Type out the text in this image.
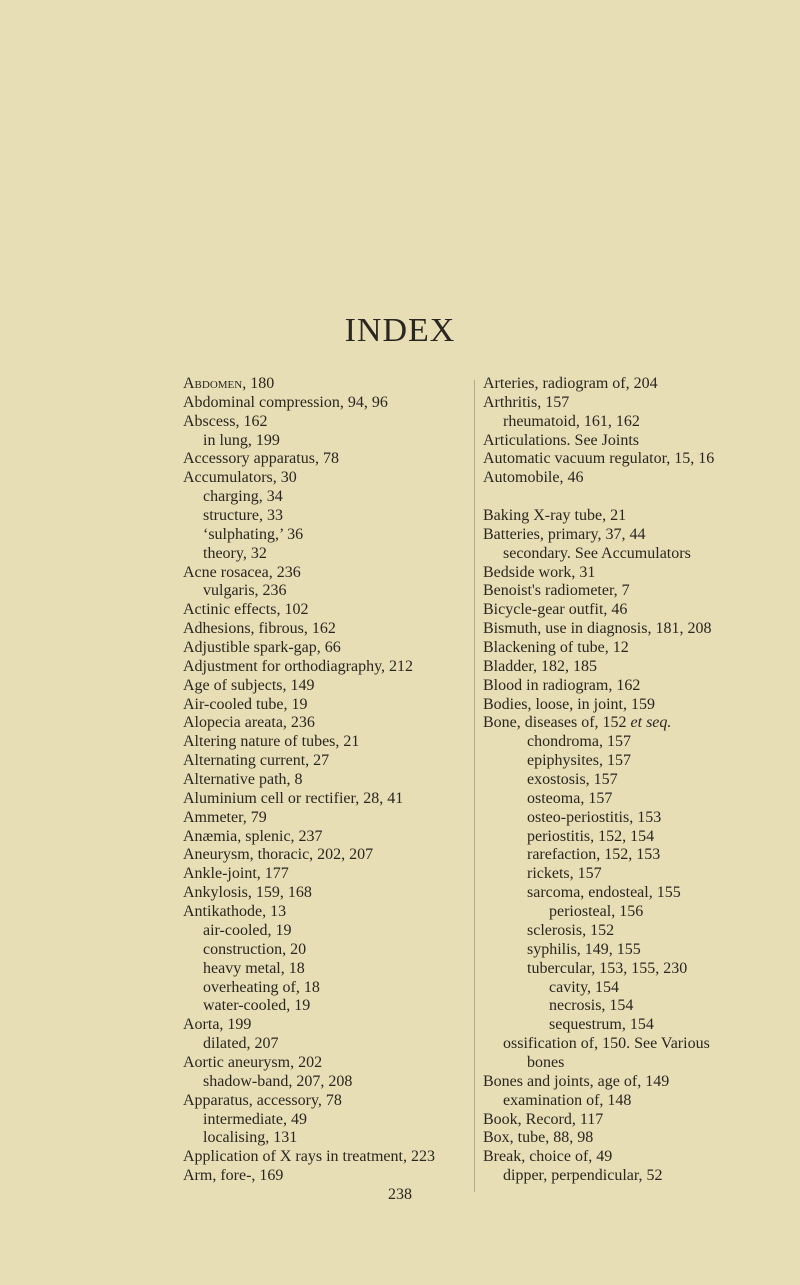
INDEX
Abdomen, 180
Abdominal compression, 94, 96
Abscess, 162
in lung, 199
Accessory apparatus, 78
Accumulators, 30
charging, 34
structure, 33
‘sulphating,’ 36
theory, 32
Acne rosacea, 236
vulgaris, 236
Actinic effects, 102
Adhesions, fibrous, 162
Adjustible spark-gap, 66
Adjustment for orthodiagraphy, 212
Age of subjects, 149
Air-cooled tube, 19
Alopecia areata, 236
Altering nature of tubes, 21
Alternating current, 27
Alternative path, 8
Aluminium cell or rectifier, 28, 41
Ammeter, 79
Anæmia, splenic, 237
Aneurysm, thoracic, 202, 207
Ankle-joint, 177
Ankylosis, 159, 168
Antikathode, 13
air-cooled, 19
construction, 20
heavy metal, 18
overheating of, 18
water-cooled, 19
Aorta, 199
dilated, 207
Aortic aneurysm, 202
shadow-band, 207, 208
Apparatus, accessory, 78
intermediate, 49
localising, 131
Application of X rays in treatment, 223
Arm, fore-, 169
Arteries, radiogram of, 204
Arthritis, 157
rheumatoid, 161, 162
Articulations. See Joints
Automatic vacuum regulator, 15, 16
Automobile, 46
Baking X-ray tube, 21
Batteries, primary, 37, 44
secondary. See Accumulators
Bedside work, 31
Benoist's radiometer, 7
Bicycle-gear outfit, 46
Bismuth, use in diagnosis, 181, 208
Blackening of tube, 12
Bladder, 182, 185
Blood in radiogram, 162
Bodies, loose, in joint, 159
Bone, diseases of, 152 et seq.
chondroma, 157
epiphysites, 157
exostosis, 157
osteoma, 157
osteo-periostitis, 153
periostitis, 152, 154
rarefaction, 152, 153
rickets, 157
sarcoma, endosteal, 155
periosteal, 156
sclerosis, 152
syphilis, 149, 155
tubercular, 153, 155, 230
cavity, 154
necrosis, 154
sequestrum, 154
ossification of, 150. See Various
bones
Bones and joints, age of, 149
examination of, 148
Book, Record, 117
Box, tube, 88, 98
Break, choice of, 49
dipper, perpendicular, 52
238
